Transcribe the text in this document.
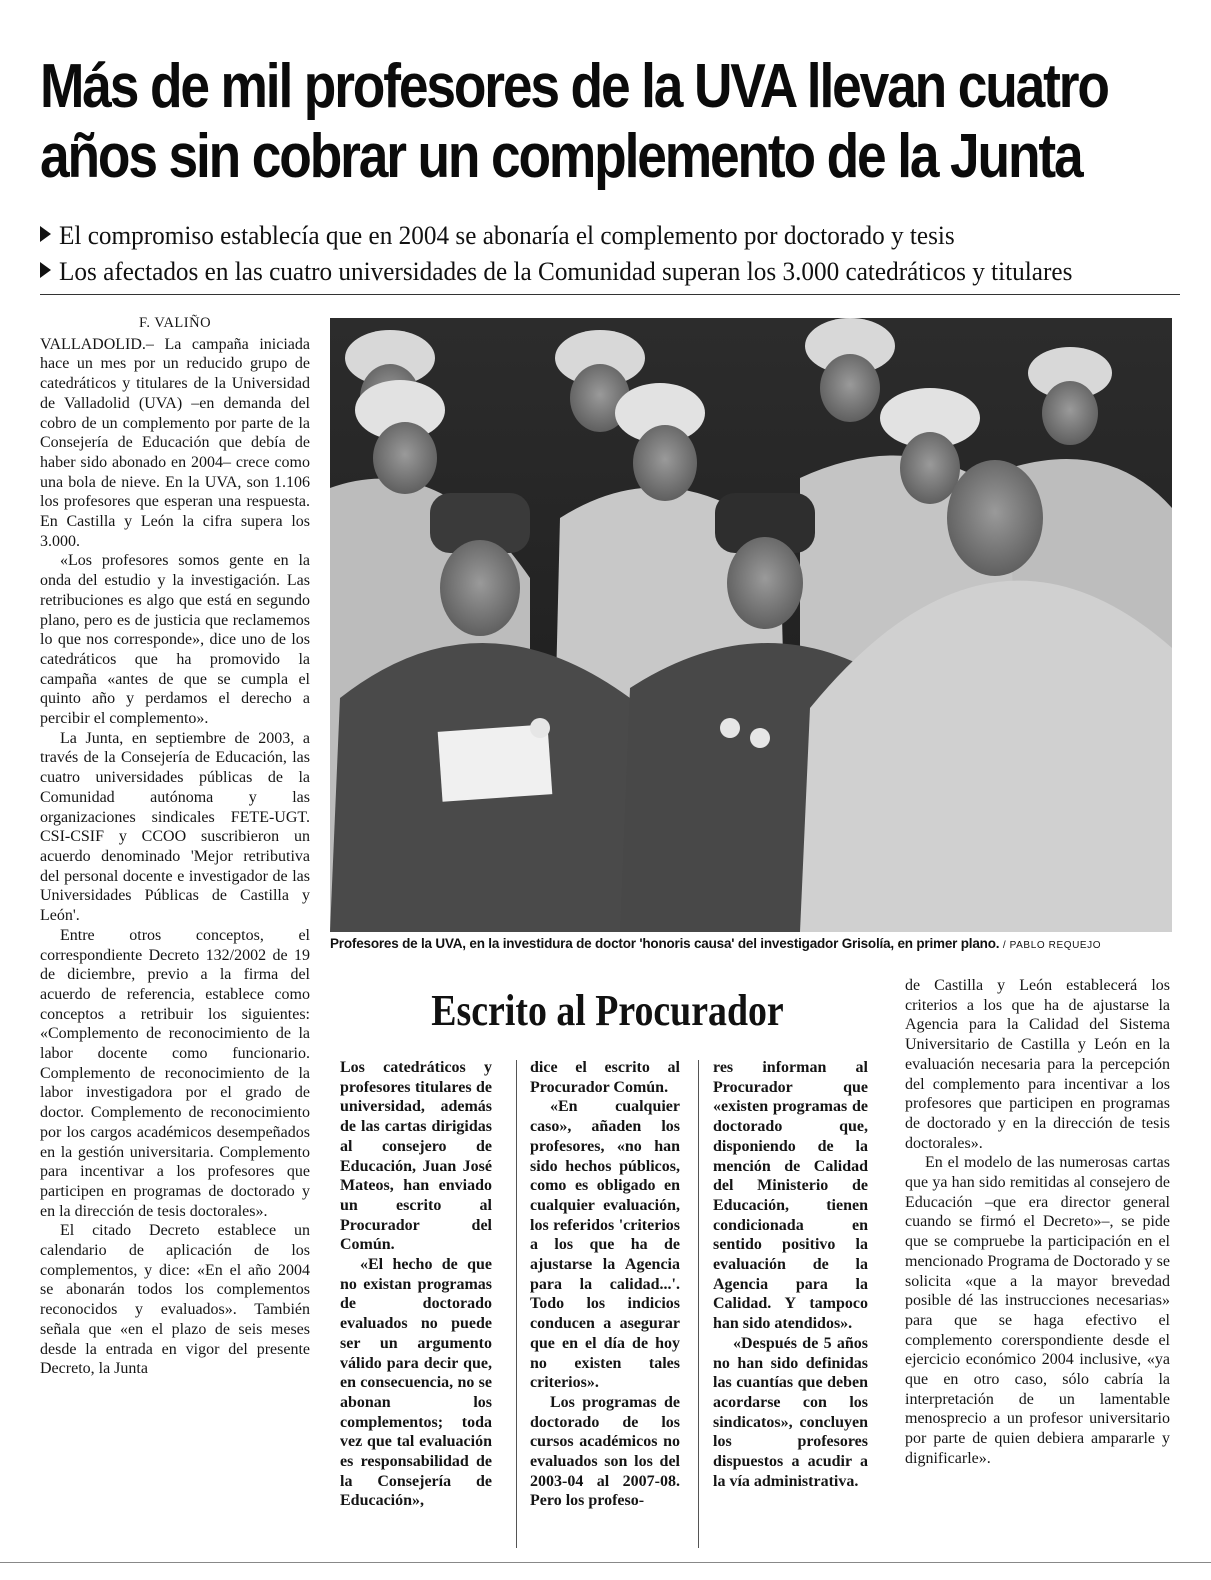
Más de mil profesores de la UVA llevan cuatro
años sin cobrar un complemento de la Junta
El compromiso establecía que en 2004 se abonaría el complemento por doctorado y tesis
Los afectados en las cuatro universidades de la Comunidad superan los 3.000 catedráticos y titulares
F. VALIÑO

VALLADOLID.– La campaña iniciada hace un mes por un reducido grupo de catedráticos y titulares de la Universidad de Valladolid (UVA) –en demanda del cobro de un complemento por parte de la Consejería de Educación que debía de haber sido abonado en 2004– crece como una bola de nieve. En la UVA, son 1.106 los profesores que esperan una respuesta. En Castilla y León la cifra supera los 3.000.

«Los profesores somos gente en la onda del estudio y la investigación. Las retribuciones es algo que está en segundo plano, pero es de justicia que reclamemos lo que nos corresponde», dice uno de los catedráticos que ha promovido la campaña «antes de que se cumpla el quinto año y perdamos el derecho a percibir el complemento».

La Junta, en septiembre de 2003, a través de la Consejería de Educación, las cuatro universidades públicas de la Comunidad autónoma y las organizaciones sindicales FETE-UGT. CSI-CSIF y CCOO suscribieron un acuerdo denominado 'Mejor retributiva del personal docente e investigador de las Universidades Públicas de Castilla y León'.

Entre otros conceptos, el correspondiente Decreto 132/2002 de 19 de diciembre, previo a la firma del acuerdo de referencia, establece como conceptos a retribuir los siguientes: «Complemento de reconocimiento de la labor docente como funcionario. Complemento de reconocimiento de la labor investigadora por el grado de doctor. Complemento de reconocimiento por los cargos académicos desempeñados en la gestión universitaria. Complemento para incentivar a los profesores que participen en programas de doctorado y en la dirección de tesis doctorales».

El citado Decreto establece un calendario de aplicación de los complementos, y dice: «En el año 2004 se abonarán todos los complementos reconocidos y evaluados». También señala que «en el plazo de seis meses desde la entrada en vigor del presente Decreto, la Junta

Profesores de la UVA, en la investidura de doctor 'honoris causa' del investigador Grisolía, en primer plano. / PABLO REQUEJO
Escrito al Procurador

Los catedráticos y profesores titulares de universidad, además de las cartas dirigidas al consejero de Educación, Juan José Mateos, han enviado un escrito al Procurador del Común.

«El hecho de que no existan programas de doctorado evaluados no puede ser un argumento válido para decir que, en consecuencia, no se abonan los complementos; toda vez que tal evaluación es responsabilidad de la Consejería de Educación»,

dice el escrito al Procurador Común.

«En cualquier caso», añaden los profesores, «no han sido hechos públicos, como es obligado en cualquier evaluación, los referidos 'criterios a los que ha de ajustarse la Agencia para la calidad...'. Todo los indicios conducen a asegurar que en el día de hoy no existen tales criterios».

Los programas de doctorado de los cursos académicos no evaluados son los del 2003-04 al 2007-08. Pero los profeso-

res informan al Procurador que «existen programas de doctorado que, disponiendo de la mención de Calidad del Ministerio de Educación, tienen condicionada en sentido positivo la evaluación de la Agencia para la Calidad. Y tampoco han sido atendidos».

«Después de 5 años no han sido definidas las cuantías que deben acordarse con los sindicatos», concluyen los profesores dispuestos a acudir a la vía administrativa.

de Castilla y León establecerá los criterios a los que ha de ajustarse la Agencia para la Calidad del Sistema Universitario de Castilla y León en la evaluación necesaria para la percepción del complemento para incentivar a los profesores que participen en programas de doctorado y en la dirección de tesis doctorales».

En el modelo de las numerosas cartas que ya han sido remitidas al consejero de Educación –que era director general cuando se firmó el Decreto»–, se pide que se compruebe la participación en el mencionado Programa de Doctorado y se solicita «que a la mayor brevedad posible dé las instrucciones necesarias» para que se haga efectivo el complemento corerspondiente desde el ejercicio económico 2004 inclusive, «ya que en otro caso, sólo cabría la interpretación de un lamentable menosprecio a un profesor universitario por parte de quien debiera ampararle y dignificarle».
